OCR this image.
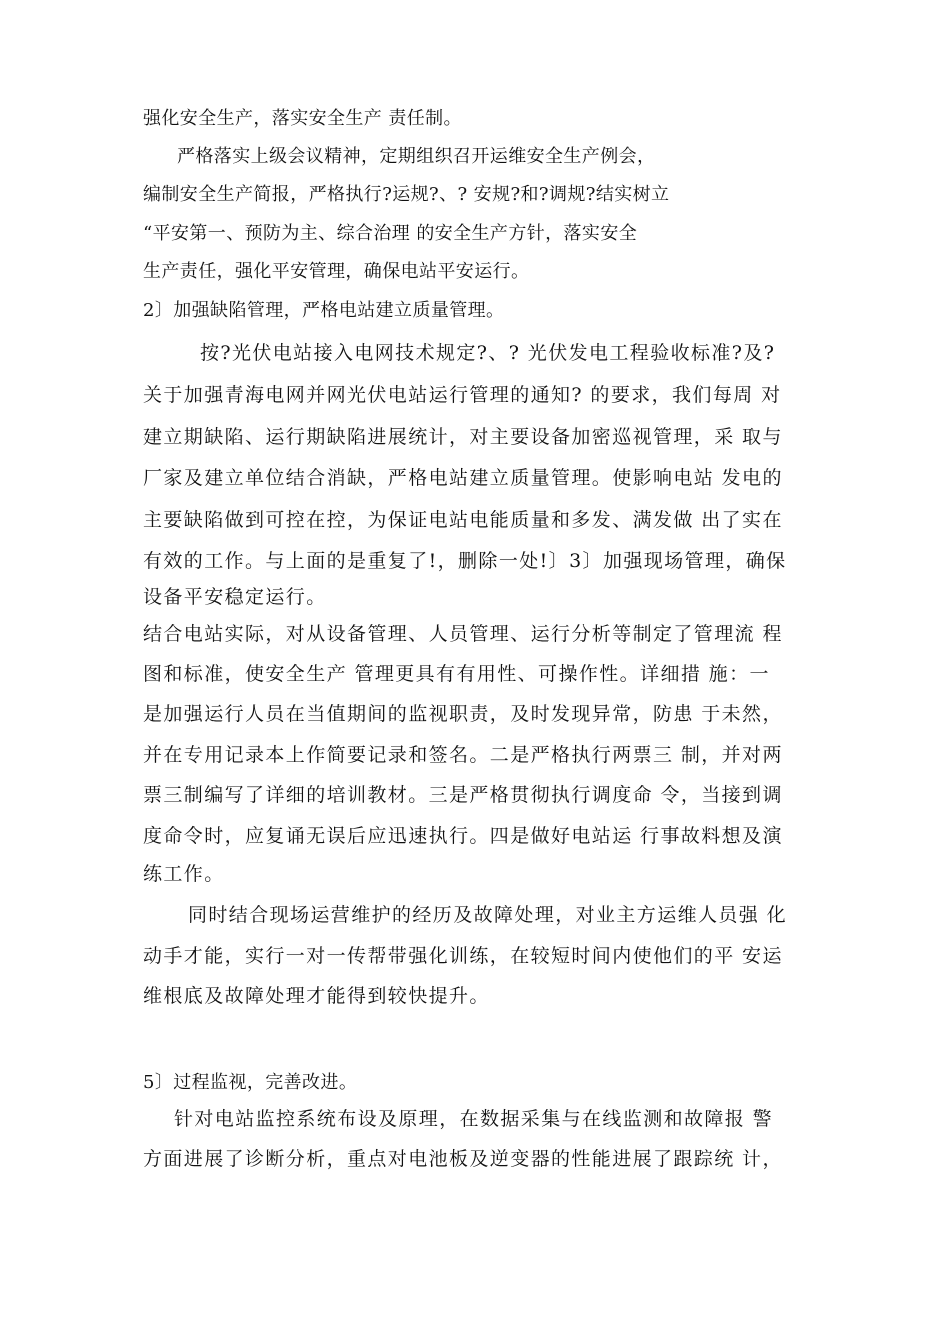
强化安全生产，落实安全生产 责任制。
严格落实上级会议精神，定期组织召开运维安全生产例会，
编制安全生产简报，严格执行?运规?、? 安规?和?调规?结实树立
“平安第一、预防为主、综合治理 的安全生产方针，落实安全
生产责任，强化平安管理，确保电站平安运行。
2〕加强缺陷管理，严格电站建立质量管理。
按?光伏电站接入电网技术规定?、? 光伏发电工程验收标准?及?
关于加强青海电网并网光伏电站运行管理的通知? 的要求，我们每周 对
建立期缺陷、运行期缺陷进展统计，对主要设备加密巡视管理，采 取与
厂家及建立单位结合消缺，严格电站建立质量管理。使影响电站 发电的
主要缺陷做到可控在控，为保证电站电能质量和多发、满发做 出了实在
有效的工作。与上面的是重复了!，删除一处!〕3〕加强现场管理，确保
设备平安稳定运行。
结合电站实际，对从设备管理、人员管理、运行分析等制定了管理流 程
图和标准，使安全生产 管理更具有有用性、可操作性。详细措 施：一
是加强运行人员在当值期间的监视职责，及时发现异常，防患 于未然，
并在专用记录本上作简要记录和签名。二是严格执行两票三 制，并对两
票三制编写了详细的培训教材。三是严格贯彻执行调度命 令，当接到调
度命令时，应复诵无误后应迅速执行。四是做好电站运 行事故料想及演
练工作。
同时结合现场运营维护的经历及故障处理，对业主方运维人员强 化
动手才能，实行一对一传帮带强化训练，在较短时间内使他们的平 安运
维根底及故障处理才能得到较快提升。
5〕过程监视，完善改进。
针对电站监控系统布设及原理，在数据采集与在线监测和故障报 警
方面进展了诊断分析，重点对电池板及逆变器的性能进展了跟踪统 计，
